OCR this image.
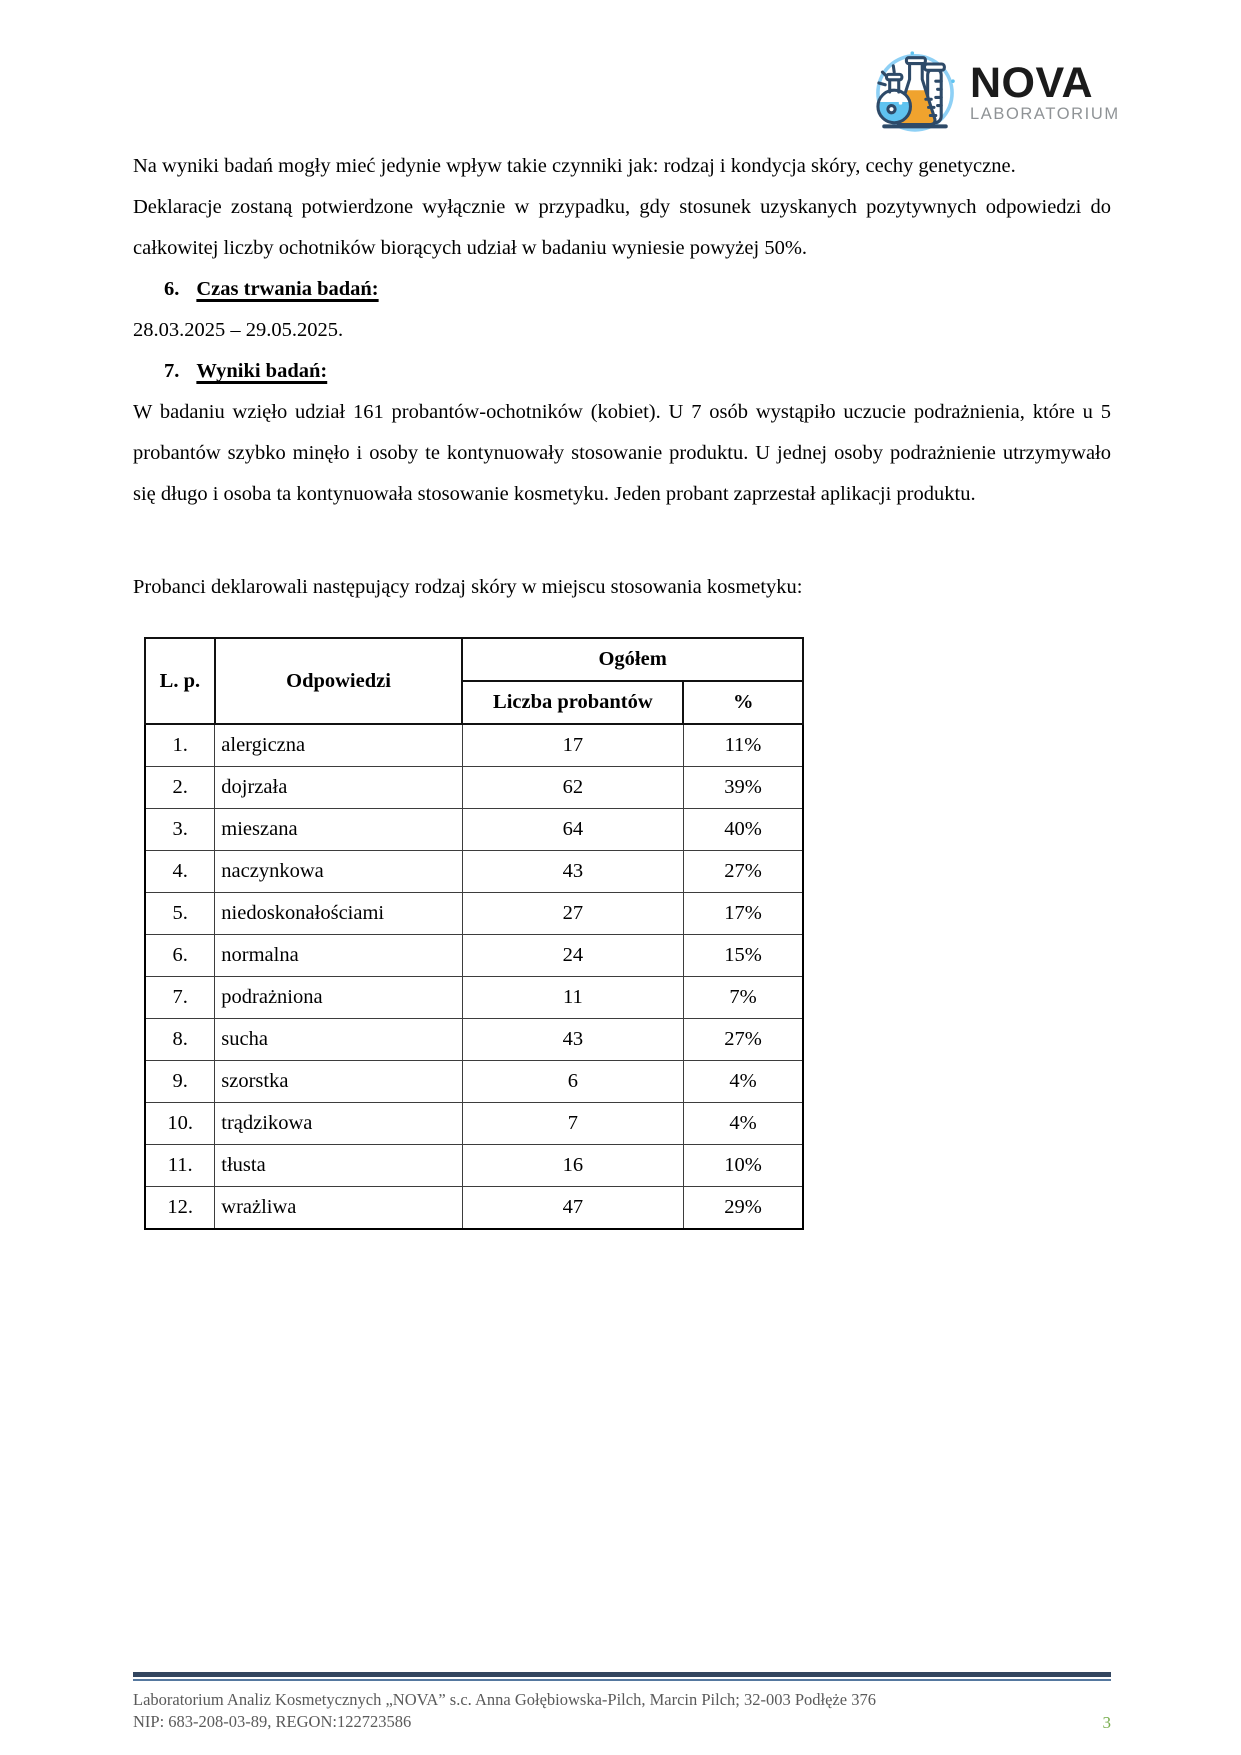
NOVA
LABORATORIUM

Na wyniki badań mogły mieć jedynie wpływ takie czynniki jak: rodzaj i kondycja skóry, cechy genetyczne.

Deklaracje zostaną potwierdzone wyłącznie w przypadku, gdy stosunek uzyskanych pozytywnych odpowiedzi do całkowitej liczby ochotników biorących udział w badaniu wyniesie powyżej 50%.

6. Czas trwania badań:

28.03.2025 – 29.05.2025.

7. Wyniki badań:

W badaniu wzięło udział 161 probantów-ochotników (kobiet). U 7 osób wystąpiło uczucie podrażnienia, które u 5 probantów szybko minęło i osoby te kontynuowały stosowanie produktu. U jednej osoby podrażnienie utrzymywało się długo i osoba ta kontynuowała stosowanie kosmetyku. Jeden probant zaprzestał aplikacji produktu.

Probanci deklarowali następujący rodzaj skóry w miejscu stosowania kosmetyku:

L. p.	Odpowiedzi	Ogółem	
		Liczba probantów	%
1.	alergiczna	17	11%
2.	dojrzała	62	39%
3.	mieszana	64	40%
4.	naczynkowa	43	27%
5.	niedoskonałościami	27	17%
6.	normalna	24	15%
7.	podrażniona	11	7%
8.	sucha	43	27%
9.	szorstka	6	4%
10.	trądzikowa	7	4%
11.	tłusta	16	10%
12.	wrażliwa	47	29%
Laboratorium Analiz Kosmetycznych „NOVA” s.c. Anna Gołębiowska-Pilch, Marcin Pilch; 32-003 Podłęże 376
NIP: 683-208-03-89, REGON:122723586	3
